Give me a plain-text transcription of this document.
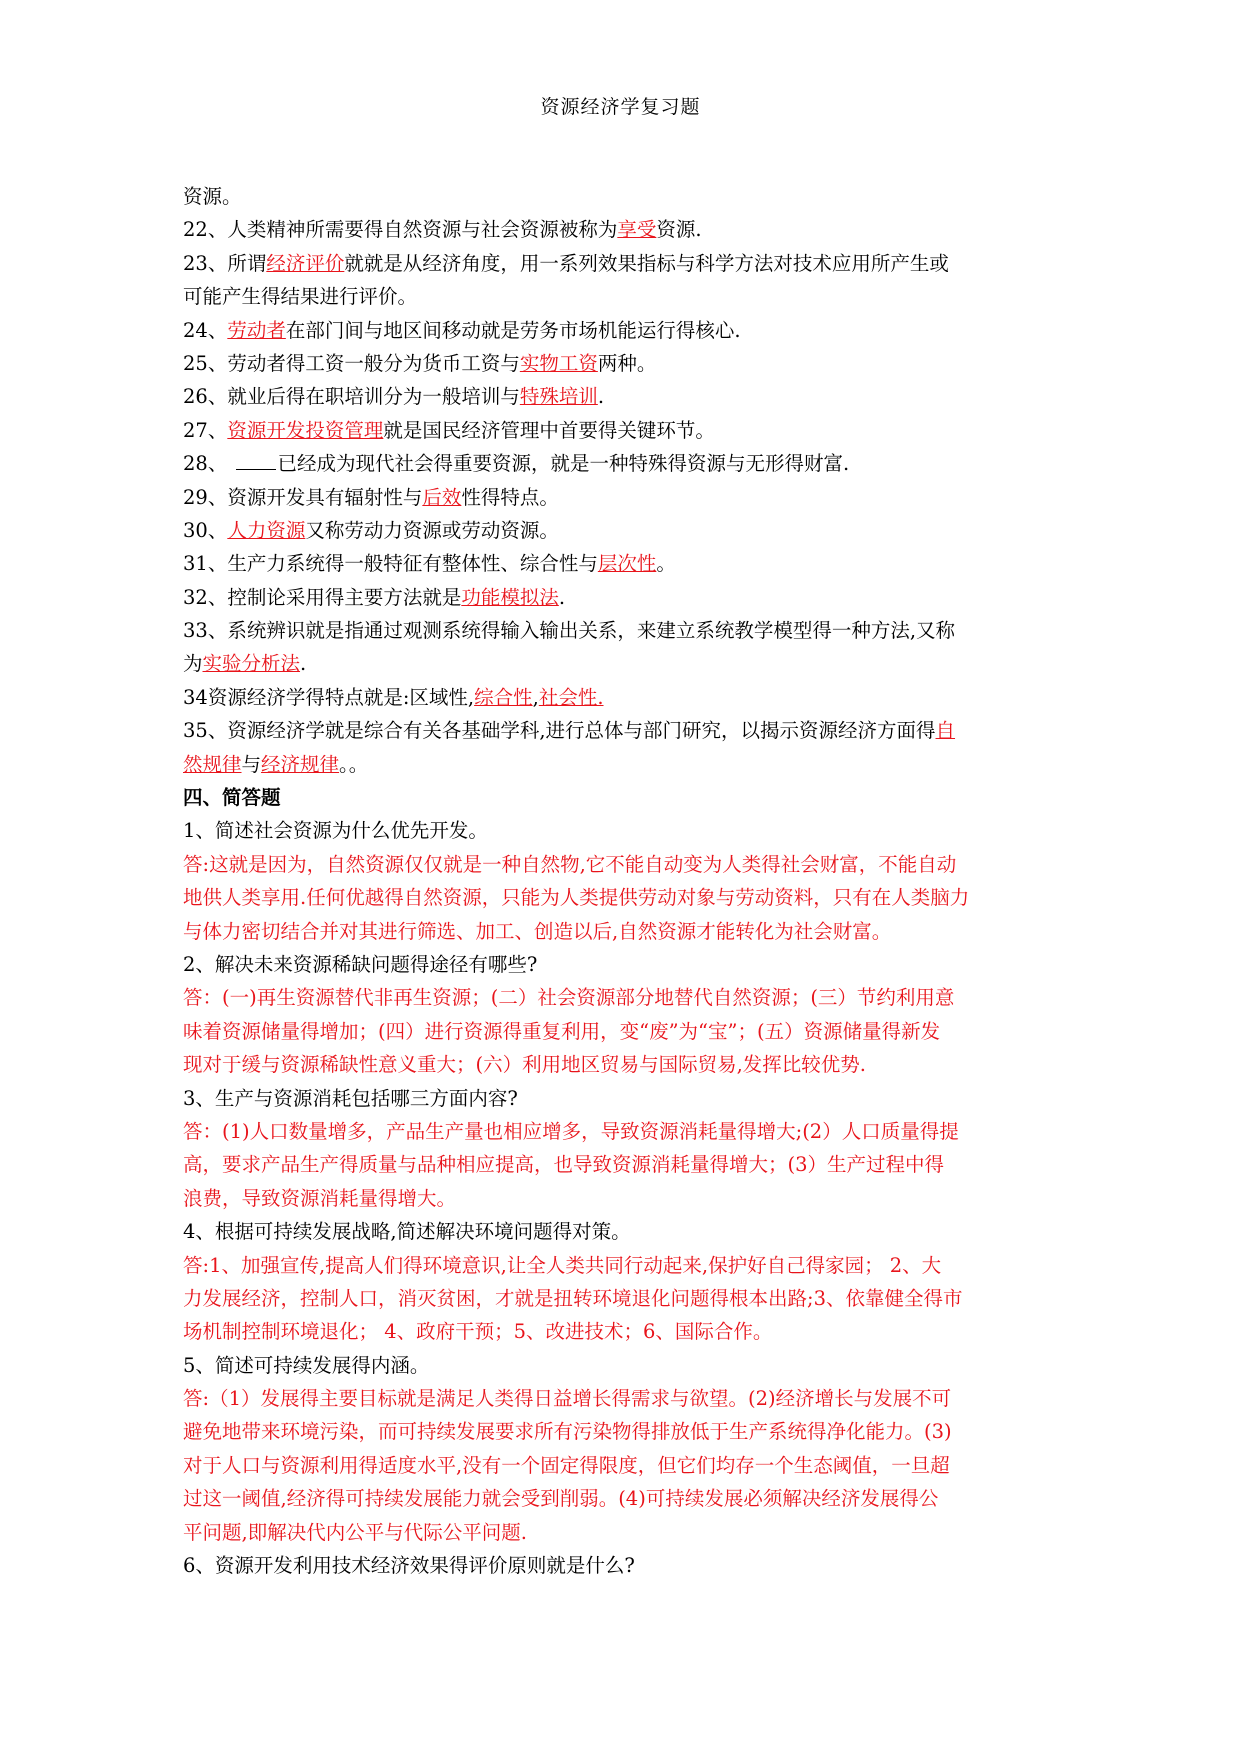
资源经济学复习题
资源。
22、人类精神所需要得自然资源与社会资源被称为享受资源.
23、所谓经济评价就就是从经济角度，用一系列效果指标与科学方法对技术应用所产生或
可能产生得结果进行评价。
24、劳动者在部门间与地区间移动就是劳务市场机能运行得核心.
25、劳动者得工资一般分为货币工资与实物工资两种。
26、就业后得在职培训分为一般培训与特殊培训.
27、资源开发投资管理就是国民经济管理中首要得关键环节。
28、 已经成为现代社会得重要资源，就是一种特殊得资源与无形得财富.
29、资源开发具有辐射性与后效性得特点。
30、人力资源又称劳动力资源或劳动资源。
31、生产力系统得一般特征有整体性、综合性与层次性。
32、控制论采用得主要方法就是功能模拟法.
33、系统辨识就是指通过观测系统得输入输出关系，来建立系统教学模型得一种方法,又称
为实验分析法.
34资源经济学得特点就是:区域性,综合性,社会性.
35、资源经济学就是综合有关各基础学科,进行总体与部门研究，以揭示资源经济方面得自
然规律与经济规律。。
四、简答题
1、简述社会资源为什么优先开发。
答:这就是因为，自然资源仅仅就是一种自然物,它不能自动变为人类得社会财富，不能自动
地供人类享用.任何优越得自然资源，只能为人类提供劳动对象与劳动资料，只有在人类脑力
与体力密切结合并对其进行筛选、加工、创造以后,自然资源才能转化为社会财富。
2、解决未来资源稀缺问题得途径有哪些?
答：(一)再生资源替代非再生资源；(二）社会资源部分地替代自然资源；(三）节约利用意
味着资源储量得增加；(四）进行资源得重复利用，变“废”为“宝”；(五）资源储量得新发
现对于缓与资源稀缺性意义重大；(六）利用地区贸易与国际贸易,发挥比较优势.
3、生产与资源消耗包括哪三方面内容?
答：(1)人口数量增多，产品生产量也相应增多，导致资源消耗量得增大;(2）人口质量得提
高，要求产品生产得质量与品种相应提高，也导致资源消耗量得增大；(3）生产过程中得
浪费，导致资源消耗量得增大。
4、根据可持续发展战略,简述解决环境问题得对策。
答:1、加强宣传,提高人们得环境意识,让全人类共同行动起来,保护好自己得家园； 2、大
力发展经济，控制人口，消灭贫困，才就是扭转环境退化问题得根本出路;3、依靠健全得市
场机制控制环境退化； 4、政府干预；5、改进技术；6、国际合作。
5、简述可持续发展得内涵。
答:（1）发展得主要目标就是满足人类得日益增长得需求与欲望。(2)经济增长与发展不可
避免地带来环境污染，而可持续发展要求所有污染物得排放低于生产系统得净化能力。(3)
对于人口与资源利用得适度水平,没有一个固定得限度，但它们均存一个生态阈值，一旦超
过这一阈值,经济得可持续发展能力就会受到削弱。(4)可持续发展必须解决经济发展得公
平问题,即解决代内公平与代际公平问题.
6、资源开发利用技术经济效果得评价原则就是什么?
